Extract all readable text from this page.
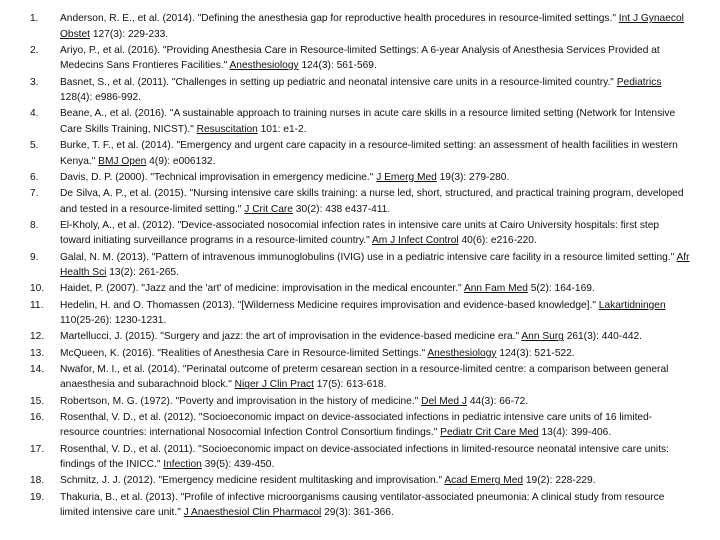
1. Anderson, R. E., et al. (2014). "Defining the anesthesia gap for reproductive health procedures in resource-limited settings." Int J Gynaecol Obstet 127(3): 229-233.
2. Ariyo, P., et al. (2016). "Providing Anesthesia Care in Resource-limited Settings: A 6-year Analysis of Anesthesia Services Provided at Medecins Sans Frontieres Facilities." Anesthesiology 124(3): 561-569.
3. Basnet, S., et al. (2011). "Challenges in setting up pediatric and neonatal intensive care units in a resource-limited country." Pediatrics 128(4): e986-992.
4. Beane, A., et al. (2016). "A sustainable approach to training nurses in acute care skills in a resource limited setting (Network for Intensive Care Skills Training, NICST)." Resuscitation 101: e1-2.
5. Burke, T. F., et al. (2014). "Emergency and urgent care capacity in a resource-limited setting: an assessment of health facilities in western Kenya." BMJ Open 4(9): e006132.
6. Davis, D. P. (2000). "Technical improvisation in emergency medicine." J Emerg Med 19(3): 279-280.
7. De Silva, A. P., et al. (2015). "Nursing intensive care skills training: a nurse led, short, structured, and practical training program, developed and tested in a resource-limited setting." J Crit Care 30(2): 438 e437-411.
8. El-Kholy, A., et al. (2012). "Device-associated nosocomial infection rates in intensive care units at Cairo University hospitals: first step toward initiating surveillance programs in a resource-limited country." Am J Infect Control 40(6): e216-220.
9. Galal, N. M. (2013). "Pattern of intravenous immunoglobulins (IVIG) use in a pediatric intensive care facility in a resource limited setting." Afr Health Sci 13(2): 261-265.
10. Haidet, P. (2007). "Jazz and the 'art' of medicine: improvisation in the medical encounter." Ann Fam Med 5(2): 164-169.
11. Hedelin, H. and O. Thomassen (2013). "[Wilderness Medicine requires improvisation and evidence-based knowledge]." Lakartidningen 110(25-26): 1230-1231.
12. Martellucci, J. (2015). "Surgery and jazz: the art of improvisation in the evidence-based medicine era." Ann Surg 261(3): 440-442.
13. McQueen, K. (2016). "Realities of Anesthesia Care in Resource-limited Settings." Anesthesiology 124(3): 521-522.
14. Nwafor, M. I., et al. (2014). "Perinatal outcome of preterm cesarean section in a resource-limited centre: a comparison between general anaesthesia and subarachnoid block." Niger J Clin Pract 17(5): 613-618.
15. Robertson, M. G. (1972). "Poverty and improvisation in the history of medicine." Del Med J 44(3): 66-72.
16. Rosenthal, V. D., et al. (2012). "Socioeconomic impact on device-associated infections in pediatric intensive care units of 16 limited-resource countries: international Nosocomial Infection Control Consortium findings." Pediatr Crit Care Med 13(4): 399-406.
17. Rosenthal, V. D., et al. (2011). "Socioeconomic impact on device-associated infections in limited-resource neonatal intensive care units: findings of the INICC." Infection 39(5): 439-450.
18. Schmitz, J. J. (2012). "Emergency medicine resident multitasking and improvisation." Acad Emerg Med 19(2): 228-229.
19. Thakuria, B., et al. (2013). "Profile of infective microorganisms causing ventilator-associated pneumonia: A clinical study from resource limited intensive care unit." J Anaesthesiol Clin Pharmacol 29(3): 361-366.
